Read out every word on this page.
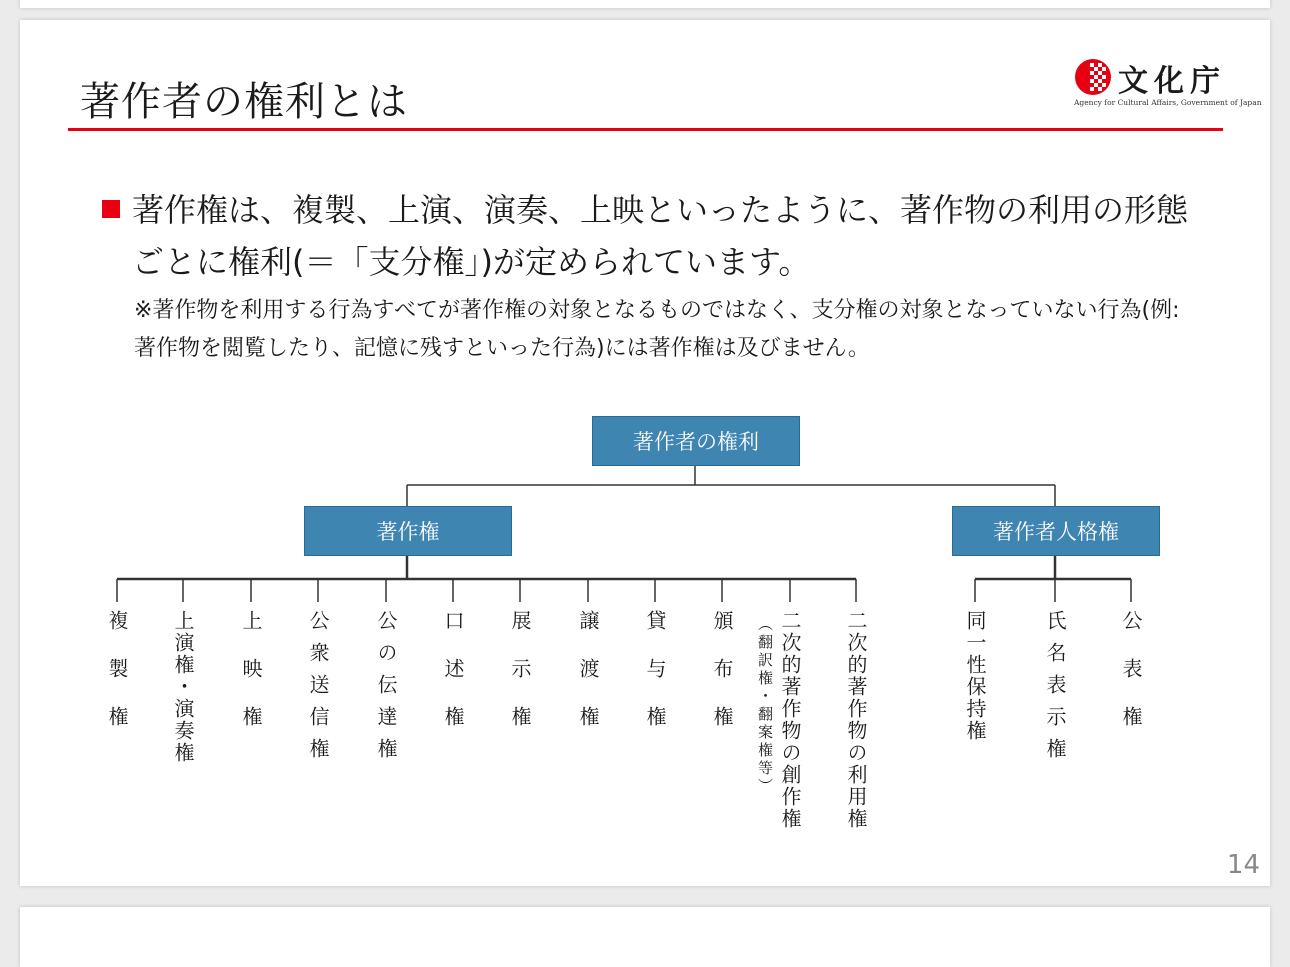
著作者の権利とは	文化庁
Agency for Cultural Affairs, Government of Japan

著作権は、複製、上演、演奏、上映といったように、著作物の利用の形態ごとに権利(＝「支分権」)が定められています。

※著作物を利用する行為すべてが著作権の対象となるものではなく、支分権の対象となっていない行為(例:著作物を閲覧したり、記憶に残すといった行為)には著作権は及びません。

著作者の権利
著作権	著作者人格権
複製権 上演権・演奏権 上映権 公衆送信権 公の伝達権 口述権 展示権 譲渡権 貸与権 頒布権 （翻訳権・翻案権等） 二次的著作物の創作権 二次的著作物の利用権	同一性保持権	氏名表示権	公表権
14
